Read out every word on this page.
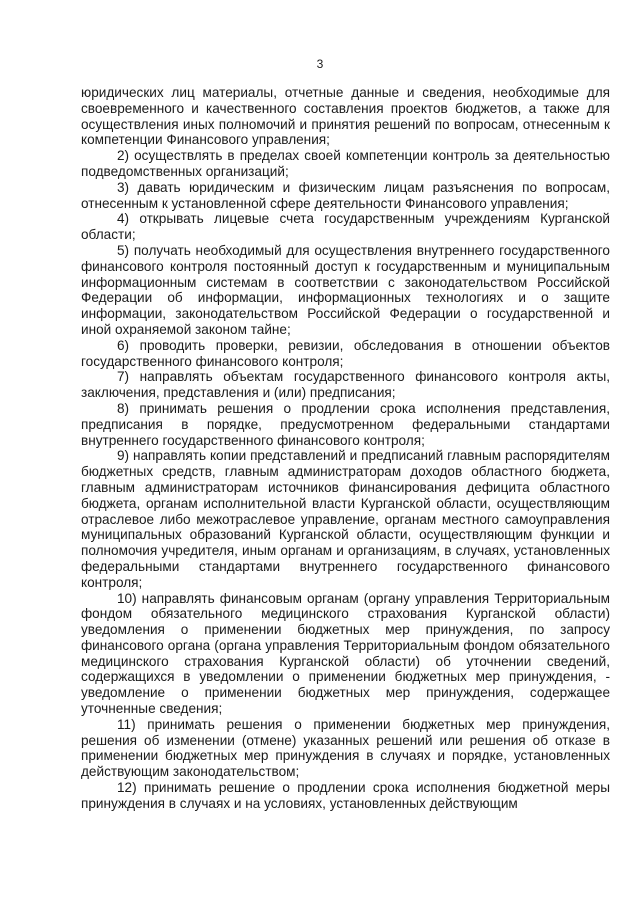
3

юридических лиц материалы, отчетные данные и сведения, необходимые для своевременного и качественного составления проектов бюджетов, а также для осуществления иных полномочий и принятия решений по вопросам, отнесенным к компетенции Финансового управления;

2) осуществлять в пределах своей компетенции контроль за деятельностью подведомственных организаций;

3) давать юридическим и физическим лицам разъяснения по вопросам, отнесенным к установленной сфере деятельности Финансового управления;

4) открывать лицевые счета государственным учреждениям Курганской области;

5) получать необходимый для осуществления внутреннего государственного финансового контроля постоянный доступ к государственным и муниципальным информационным системам в соответствии с законодательством Российской Федерации об информации, информационных технологиях и о защите информации, законодательством Российской Федерации о государственной и иной охраняемой законом тайне;

6) проводить проверки, ревизии, обследования в отношении объектов государственного финансового контроля;

7) направлять объектам государственного финансового контроля акты, заключения, представления и (или) предписания;

8) принимать решения о продлении срока исполнения представления, предписания в порядке, предусмотренном федеральными стандартами внутреннего государственного финансового контроля;

9) направлять копии представлений и предписаний главным распорядителям бюджетных средств, главным администраторам доходов областного бюджета, главным администраторам источников финансирования дефицита областного бюджета, органам исполнительной власти Курганской области, осуществляющим отраслевое либо межотраслевое управление, органам местного самоуправления муниципальных образований Курганской области, осуществляющим функции и полномочия учредителя, иным органам и организациям, в случаях, установленных федеральными стандартами внутреннего государственного финансового контроля;

10) направлять финансовым органам (органу управления Территориальным фондом обязательного медицинского страхования Курганской области) уведомления о применении бюджетных мер принуждения, по запросу финансового органа (органа управления Территориальным фондом обязательного медицинского страхования Курганской области) об уточнении сведений, содержащихся в уведомлении о применении бюджетных мер принуждения, - уведомление о применении бюджетных мер принуждения, содержащее уточненные сведения;

11) принимать решения о применении бюджетных мер принуждения, решения об изменении (отмене) указанных решений или решения об отказе в применении бюджетных мер принуждения в случаях и порядке, установленных действующим законодательством;

12) принимать решение о продлении срока исполнения бюджетной меры принуждения в случаях и на условиях, установленных действующим
